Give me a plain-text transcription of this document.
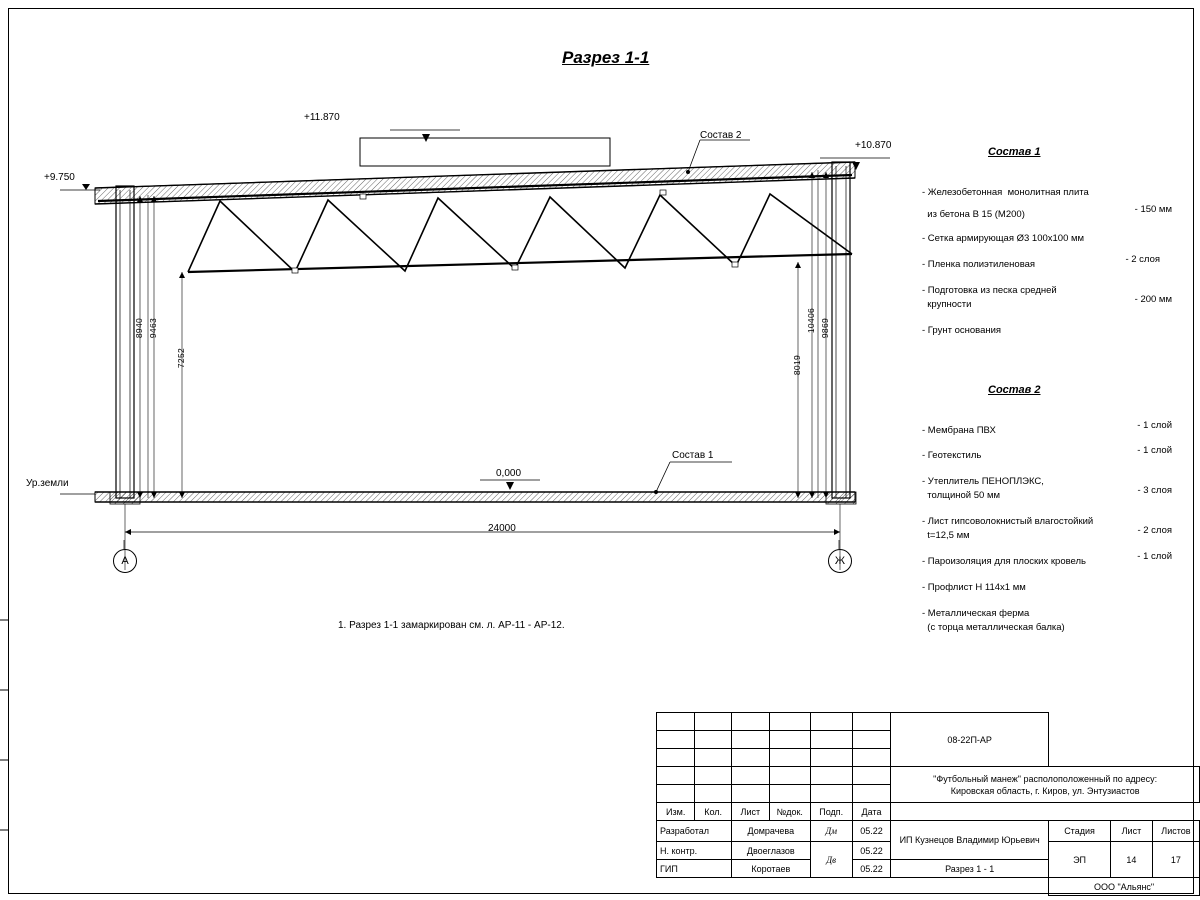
Разрез 1-1
+9.750
+11.870
+10.870
0,000
Ур.земли
Состав 2
Состав 1
8940 9463
7252	8019
10406 9869
24000
А	Ж
1. Разрез 1-1 замаркирован см. л. АР-11 - АР-12.
Состав 1
- Железобетонная  монолитная плита
из бетона В 15 (М200)	- 150 мм
- Сетка армирующая Ø3 100х100 мм
- Пленка полиэтиленовая	- 2 слоя
- Подготовка из песка средней
крупности	- 200 мм
- Грунт основания
Состав 2
- Мембрана ПВХ	- 1 слой
- Геотекстиль	- 1 слой
- Утеплитель ПЕНОПЛЭКС,
толщиной 50 мм	- 3 слоя
- Лист гипсоволокнистый влагостойкий
t=12,5 мм	- 2 слоя
- Пароизоляция для плоских кровель	- 1 слой
- Профлист Н 114х1 мм
- Металлическая ферма
(с торца металлическая балка)
						08-22П-АР			

						"Футбольный манеж" располоположенный по адресу:
Кировская область, г. Киров, ул. Энтузиастов			

Изм.	Кол.	Лист	№док.	Подп.	Дата				
Разработал		Домрачева		Дм	05.22	ИП Кузнецов Владимир Юрьевич	Стадия	Лист	Листов
Н. контр.		Двоеглазов		Дв	05.22		ЭП	14	17
ГИП		Коротаев			05.22	Разрез 1 - 1			
							ООО "Альянс"		
